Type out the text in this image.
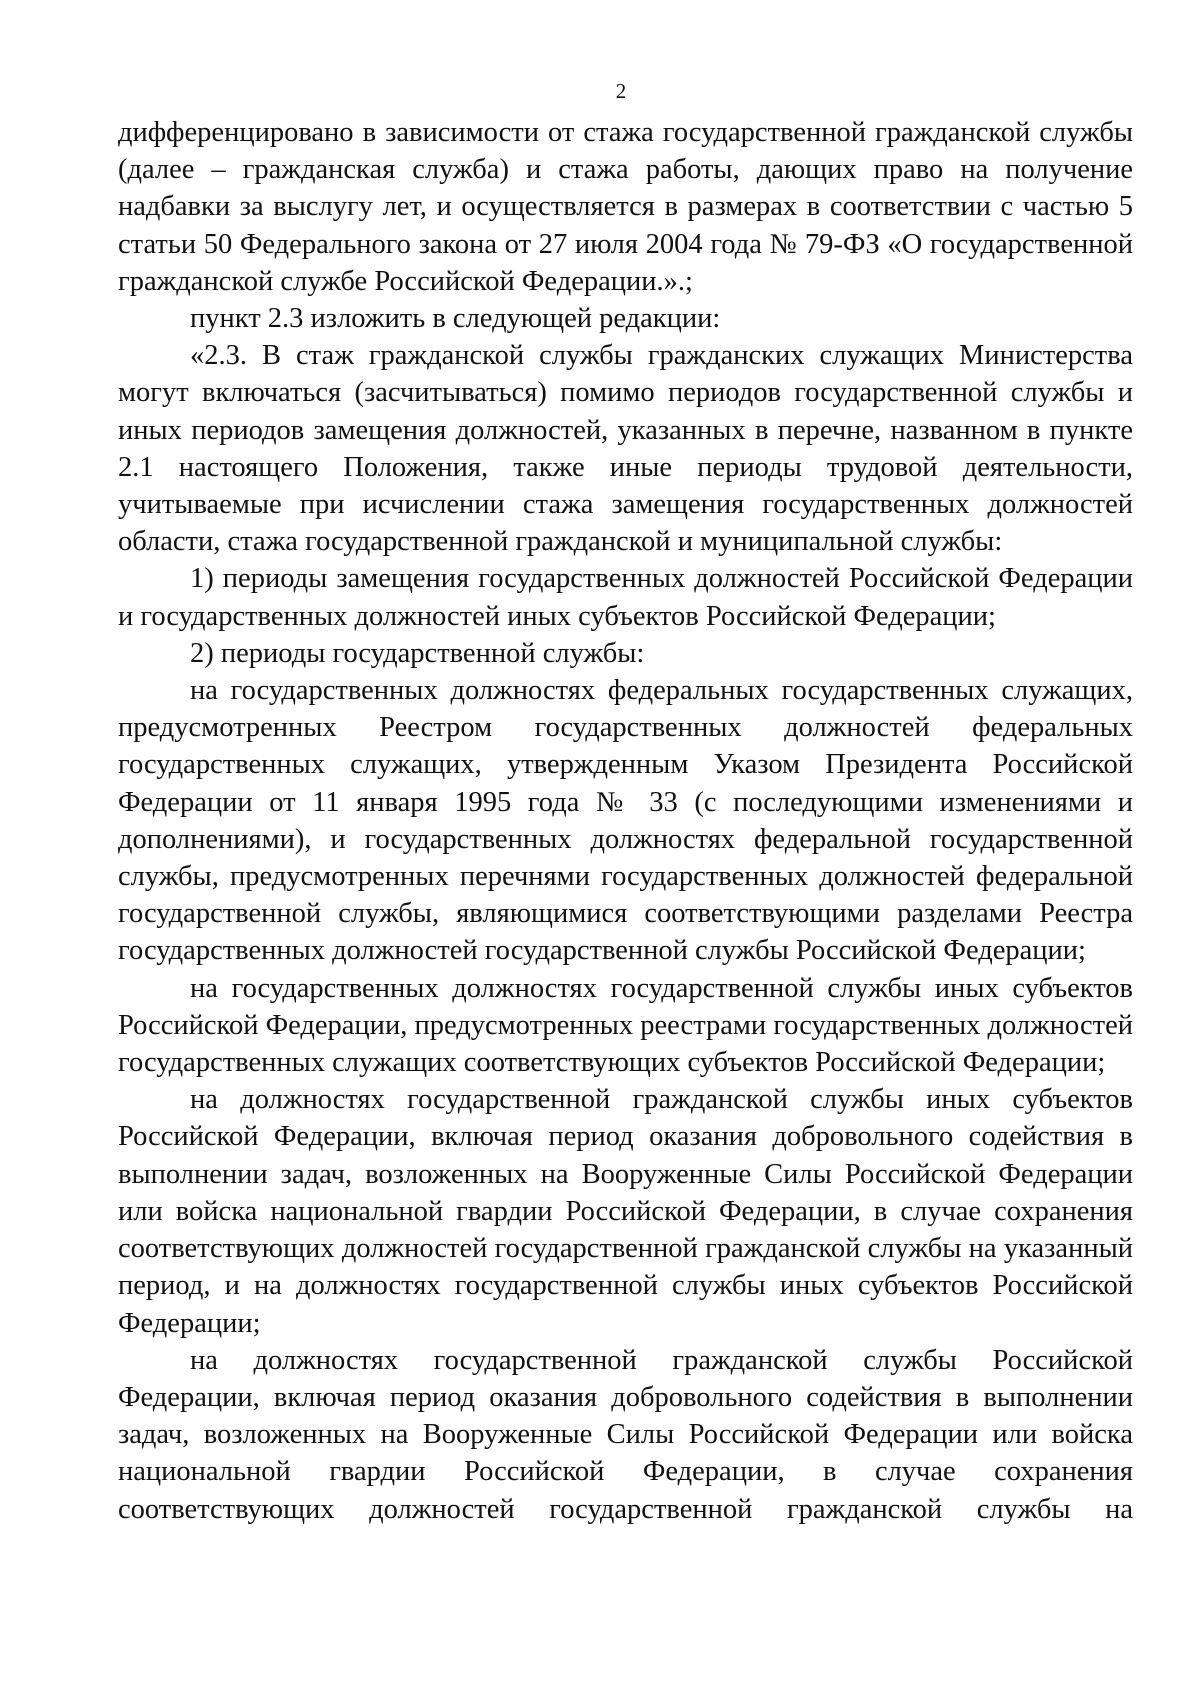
2

дифференцировано в зависимости от стажа государственной гражданской службы (далее – гражданская служба) и стажа работы, дающих право на получение надбавки за выслугу лет, и осуществляется в размерах в соответствии с частью 5 статьи 50 Федерального закона от 27 июля 2004 года № 79-ФЗ «О государственной гражданской службе Российской Федерации.».;

пункт 2.3 изложить в следующей редакции:

«2.3. В стаж гражданской службы гражданских служащих Министерства могут включаться (засчитываться) помимо периодов государственной службы и иных периодов замещения должностей, указанных в перечне, названном в пункте 2.1 настоящего Положения, также иные периоды трудовой деятельности, учитываемые при исчислении стажа замещения государственных должностей области, стажа государственной гражданской и муниципальной службы:

1) периоды замещения государственных должностей Российской Федерации и государственных должностей иных субъектов Российской Федерации;

2) периоды государственной службы:

на государственных должностях федеральных государственных служащих, предусмотренных Реестром государственных должностей федеральных государственных служащих, утвержденным Указом Президента Российской Федерации от 11 января 1995 года № 33 (с последующими изменениями и дополнениями), и государственных должностях федеральной государственной службы, предусмотренных перечнями государственных должностей федеральной государственной службы, являющимися соответствующими разделами Реестра государственных должностей государственной службы Российской Федерации;

на государственных должностях государственной службы иных субъектов Российской Федерации, предусмотренных реестрами государственных должностей государственных служащих соответствующих субъектов Российской Федерации;

на должностях государственной гражданской службы иных субъектов Российской Федерации, включая период оказания добровольного содействия в выполнении задач, возложенных на Вооруженные Силы Российской Федерации или войска национальной гвардии Российской Федерации, в случае сохранения соответствующих должностей государственной гражданской службы на указанный период, и на должностях государственной службы иных субъектов Российской Федерации;

на должностях государственной гражданской службы Российской Федерации, включая период оказания добровольного содействия в выполнении задач, возложенных на Вооруженные Силы Российской Федерации или войска национальной гвардии Российской Федерации, в случае сохранения соответствующих должностей государственной гражданской службы на
